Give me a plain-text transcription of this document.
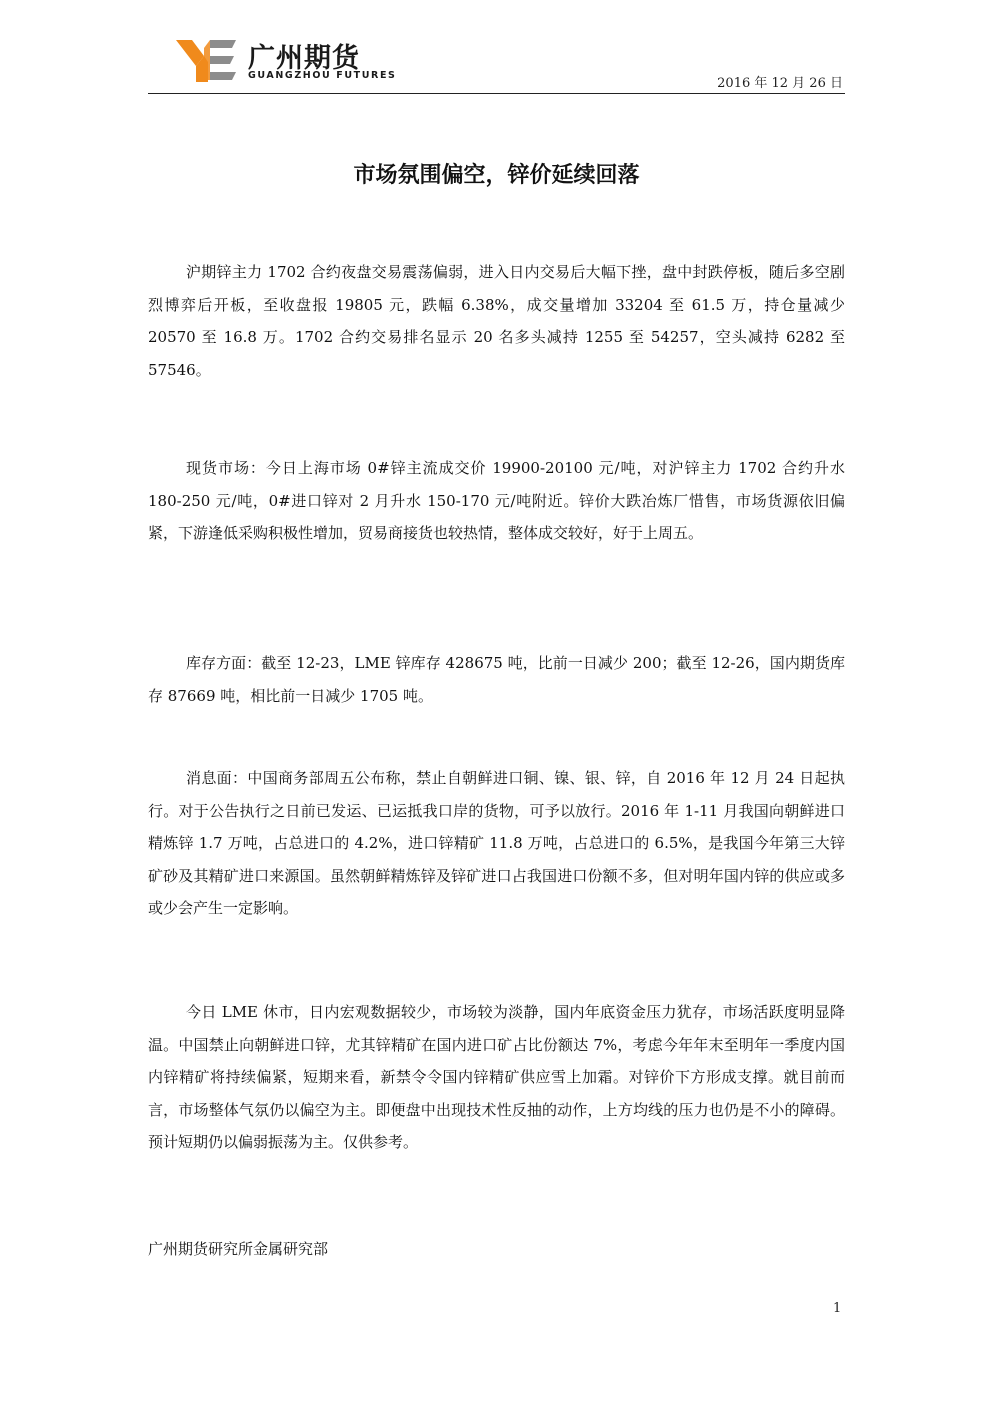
广州期货
GUANGZHOU FUTURES
2016 年 12 月 26 日
市场氛围偏空，锌价延续回落

沪期锌主力 1702 合约夜盘交易震荡偏弱，进入日内交易后大幅下挫，盘中封跌停板，随后多空剧烈博弈后开板，至收盘报 19805 元，跌幅 6.38%，成交量增加 33204 至 61.5 万，持仓量减少 20570 至 16.8 万。1702 合约交易排名显示 20 名多头减持 1255 至 54257，空头减持 6282 至 57546。

现货市场：今日上海市场 0#锌主流成交价 19900-20100 元/吨，对沪锌主力 1702 合约升水 180-250 元/吨，0#进口锌对 2 月升水 150-170 元/吨附近。锌价大跌冶炼厂惜售，市场货源依旧偏紧，下游逢低采购积极性增加，贸易商接货也较热情，整体成交较好，好于上周五。

库存方面：截至 12-23，LME 锌库存 428675 吨，比前一日减少 200；截至 12-26，国内期货库存 87669 吨，相比前一日减少 1705 吨。

消息面：中国商务部周五公布称，禁止自朝鲜进口铜、镍、银、锌，自 2016 年 12 月 24 日起执行。对于公告执行之日前已发运、已运抵我口岸的货物，可予以放行。2016 年 1-11 月我国向朝鲜进口精炼锌 1.7 万吨，占总进口的 4.2%，进口锌精矿 11.8 万吨，占总进口的 6.5%，是我国今年第三大锌矿砂及其精矿进口来源国。虽然朝鲜精炼锌及锌矿进口占我国进口份额不多，但对明年国内锌的供应或多或少会产生一定影响。

今日 LME 休市，日内宏观数据较少，市场较为淡静，国内年底资金压力犹存，市场活跃度明显降温。中国禁止向朝鲜进口锌，尤其锌精矿在国内进口矿占比份额达 7%，考虑今年年末至明年一季度内国内锌精矿将持续偏紧，短期来看，新禁令令国内锌精矿供应雪上加霜。对锌价下方形成支撑。就目前而言，市场整体气氛仍以偏空为主。即便盘中出现技术性反抽的动作，上方均线的压力也仍是不小的障碍。预计短期仍以偏弱振荡为主。仅供参考。

广州期货研究所金属研究部
1
